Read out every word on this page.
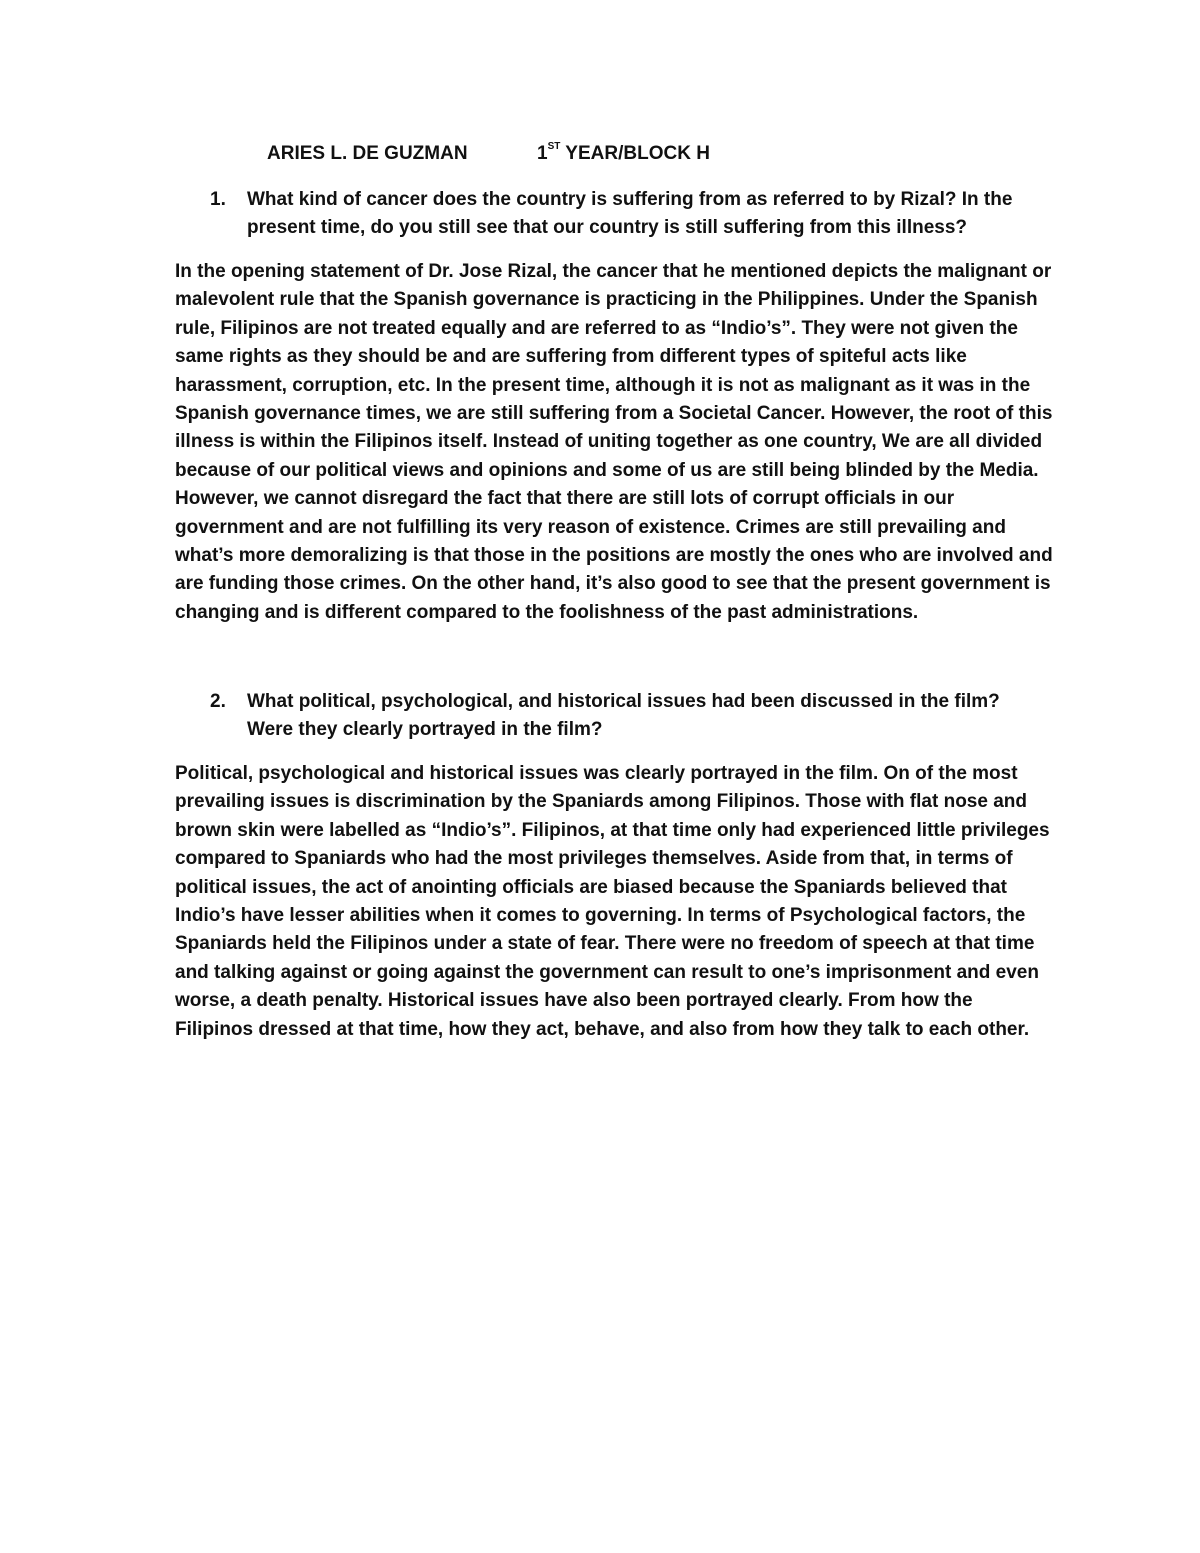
ARIES L. DE GUZMAN	1ST YEAR/BLOCK H
1. What kind of cancer does the country is suffering from as referred to by Rizal? In the present time, do you still see that our country is still suffering from this illness?

In the opening statement of Dr. Jose Rizal, the cancer that he mentioned depicts the malignant or malevolent rule that the Spanish governance is practicing in the Philippines. Under the Spanish rule, Filipinos are not treated equally and are referred to as “Indio’s”. They were not given the same rights as they should be and are suffering from different types of spiteful acts like harassment, corruption, etc. In the present time, although it is not as malignant as it was in the Spanish governance times, we are still suffering from a Societal Cancer. However, the root of this illness is within the Filipinos itself. Instead of uniting together as one country, We are all divided because of our political views and opinions and some of us are still being blinded by the Media. However, we cannot disregard the fact that there are still lots of corrupt officials in our government and are not fulfilling its very reason of existence. Crimes are still prevailing and what’s more demoralizing is that those in the positions are mostly the ones who are involved and are funding those crimes. On the other hand, it’s also good to see that the present government is changing and is different compared to the foolishness of the past administrations.

2. What political, psychological, and historical issues had been discussed in the film? Were they clearly portrayed in the film?

Political, psychological and historical issues was clearly portrayed in the film. On of the most prevailing issues is discrimination by the Spaniards among Filipinos. Those with flat nose and brown skin were labelled as “Indio’s”. Filipinos, at that time only had experienced little privileges compared to Spaniards who had the most privileges themselves. Aside from that, in terms of political issues, the act of anointing officials are biased because the Spaniards believed that Indio’s have lesser abilities when it comes to governing. In terms of Psychological factors, the Spaniards held the Filipinos under a state of fear. There were no freedom of speech at that time and talking against or going against the government can result to one’s imprisonment and even worse, a death penalty. Historical issues have also been portrayed clearly. From how the Filipinos dressed at that time, how they act, behave, and also from how they talk to each other.
